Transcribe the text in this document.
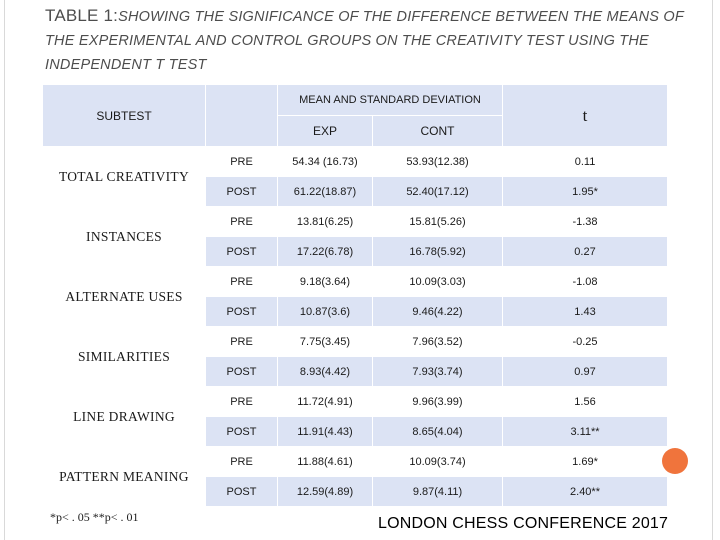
TABLE 1:SHOWING THE SIGNIFICANCE OF THE DIFFERENCE BETWEEN THE MEANS OF THE EXPERIMENTAL AND CONTROL GROUPS ON THE CREATIVITY TEST USING THE INDEPENDENT T TEST
SUBTEST		MEAN AND STANDARD DEVIATION		t
		EXP	CONT	
TOTAL CREATIVITY	PRE	54.34 (16.73)	53.93(12.38)	0.11
	POST	61.22(18.87)	52.40(17.12)	1.95*
INSTANCES	PRE	13.81(6.25)	15.81(5.26)	-1.38
	POST	17.22(6.78)	16.78(5.92)	0.27
ALTERNATE USES	PRE	9.18(3.64)	10.09(3.03)	-1.08
	POST	10.87(3.6)	9.46(4.22)	1.43
SIMILARITIES	PRE	7.75(3.45)	7.96(3.52)	-0.25
	POST	8.93(4.42)	7.93(3.74)	0.97
LINE DRAWING	PRE	11.72(4.91)	9.96(3.99)	1.56
	POST	11.91(4.43)	8.65(4.04)	3.11**
PATTERN MEANING	PRE	11.88(4.61)	10.09(3.74)	1.69*
	POST	12.59(4.89)	9.87(4.11)	2.40**
*p< . 05 **p< . 01	LONDON CHESS CONFERENCE 2017
